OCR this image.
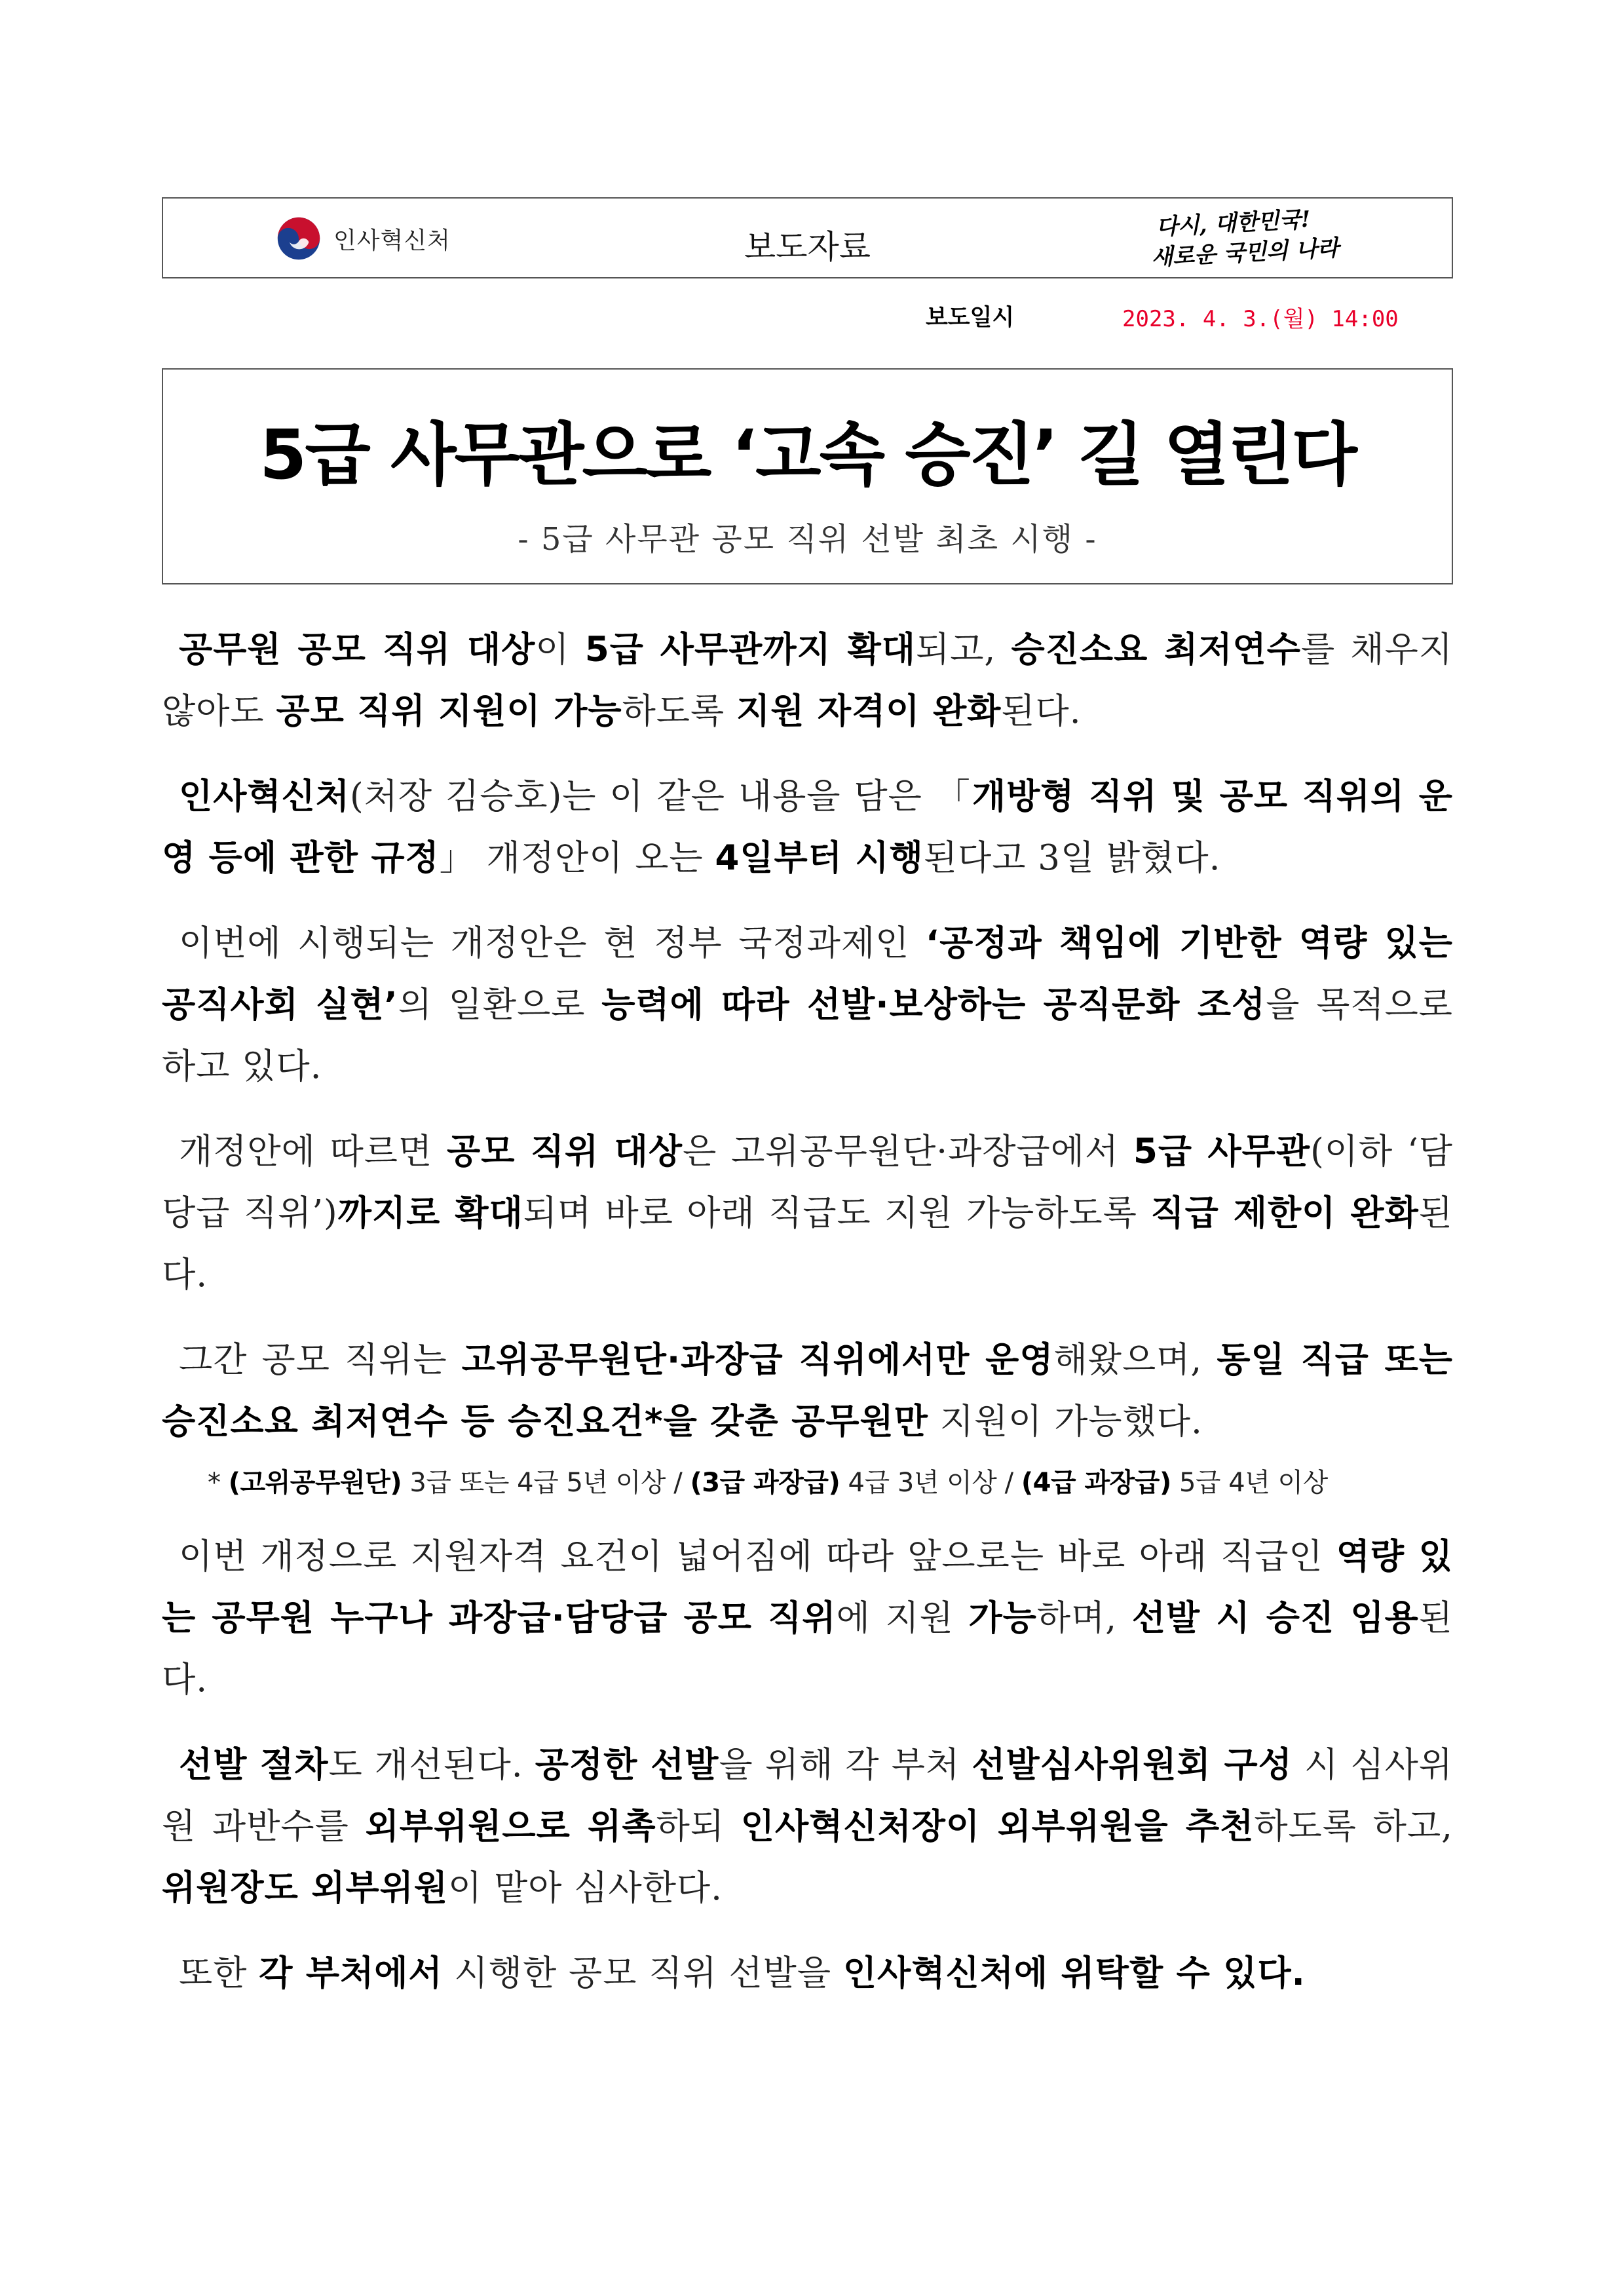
인사혁신처	보도자료
다시, 대한민국!
새로운 국민의 나라
보도일시	2023. 4. 3.(월) 14:00
5급 사무관으로 ‘고속 승진’ 길 열린다
- 5급 사무관 공모 직위 선발 최초 시행 -

공무원 공모 직위 대상이 5급 사무관까지 확대되고, 승진소요 최저연수를 채우지 않아도 공모 직위 지원이 가능하도록 지원 자격이 완화된다.

인사혁신처(처장 김승호)는 이 같은 내용을 담은 「개방형 직위 및 공모 직위의 운영 등에 관한 규정」 개정안이 오는 4일부터 시행된다고 3일 밝혔다.

이번에 시행되는 개정안은 현 정부 국정과제인 ‘공정과 책임에 기반한 역량 있는 공직사회 실현’의 일환으로 능력에 따라 선발·보상하는 공직문화 조성을 목적으로 하고 있다.

개정안에 따르면 공모 직위 대상은 고위공무원단·과장급에서 5급 사무관(이하 ‘담당급 직위’)까지로 확대되며 바로 아래 직급도 지원 가능하도록 직급 제한이 완화된다.

그간 공모 직위는 고위공무원단·과장급 직위에서만 운영해왔으며, 동일 직급 또는 승진소요 최저연수 등 승진요건*을 갖춘 공무원만 지원이 가능했다.

* (고위공무원단) 3급 또는 4급 5년 이상 / (3급 과장급) 4급 3년 이상 / (4급 과장급) 5급 4년 이상

이번 개정으로 지원자격 요건이 넓어짐에 따라 앞으로는 바로 아래 직급인 역량 있는 공무원 누구나 과장급·담당급 공모 직위에 지원 가능하며, 선발 시 승진 임용된다.

선발 절차도 개선된다. 공정한 선발을 위해 각 부처 선발심사위원회 구성 시 심사위원 과반수를 외부위원으로 위촉하되 인사혁신처장이 외부위원을 추천하도록 하고, 위원장도 외부위원이 맡아 심사한다.

또한 각 부처에서 시행한 공모 직위 선발을 인사혁신처에 위탁할 수 있다.
